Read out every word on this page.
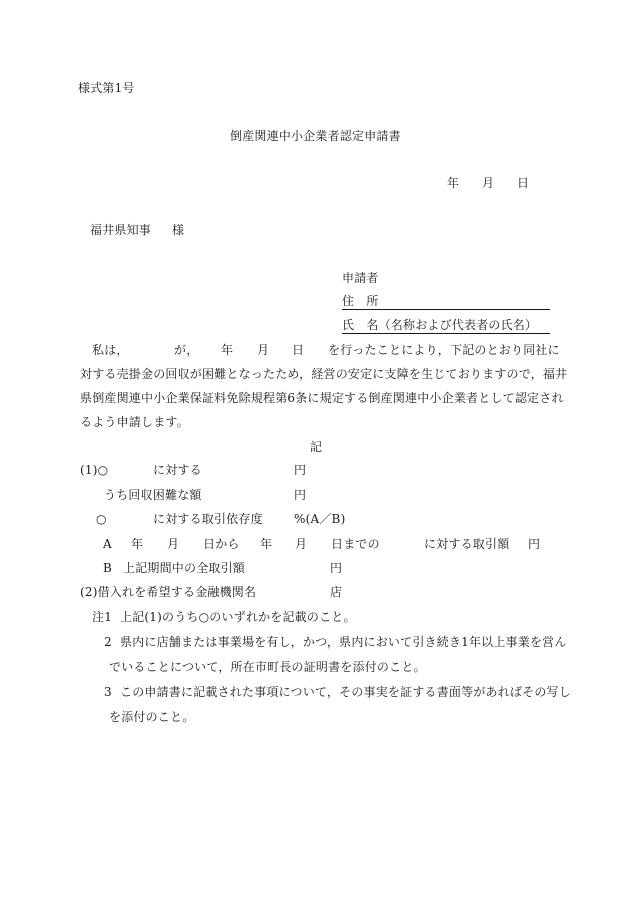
様式第1号
倒産関連中小企業者認定申請書
年 月 日
福井県知事 様
申請者
住　所
氏　名（名称および代表者の氏名）
私は，	が， 年 月 日 を行ったことにより，下記のとおり同社に
対する売掛金の回収が困難となったため，経営の安定に支障を生じておりますので，福井
県倒産関連中小企業保証料免除規程第6条に規定する倒産関連中小企業者として認定され
るよう申請します。
記
(1)○	に対する	円
うち回収困難な額	円
○	に対する取引依存度	%(A／B)
A 年 月 日から 年 月 日までの	に対する取引額 円
B 上記期間中の全取引額	円
(2)借入れを希望する金融機関名	店
注1 上記(1)のうち○のいずれかを記載のこと。
2 県内に店舗または事業場を有し，かつ，県内において引き続き1年以上事業を営ん
でいることについて，所在市町長の証明書を添付のこと。
3 この申請書に記載された事項について，その事実を証する書面等があればその写し
を添付のこと。
